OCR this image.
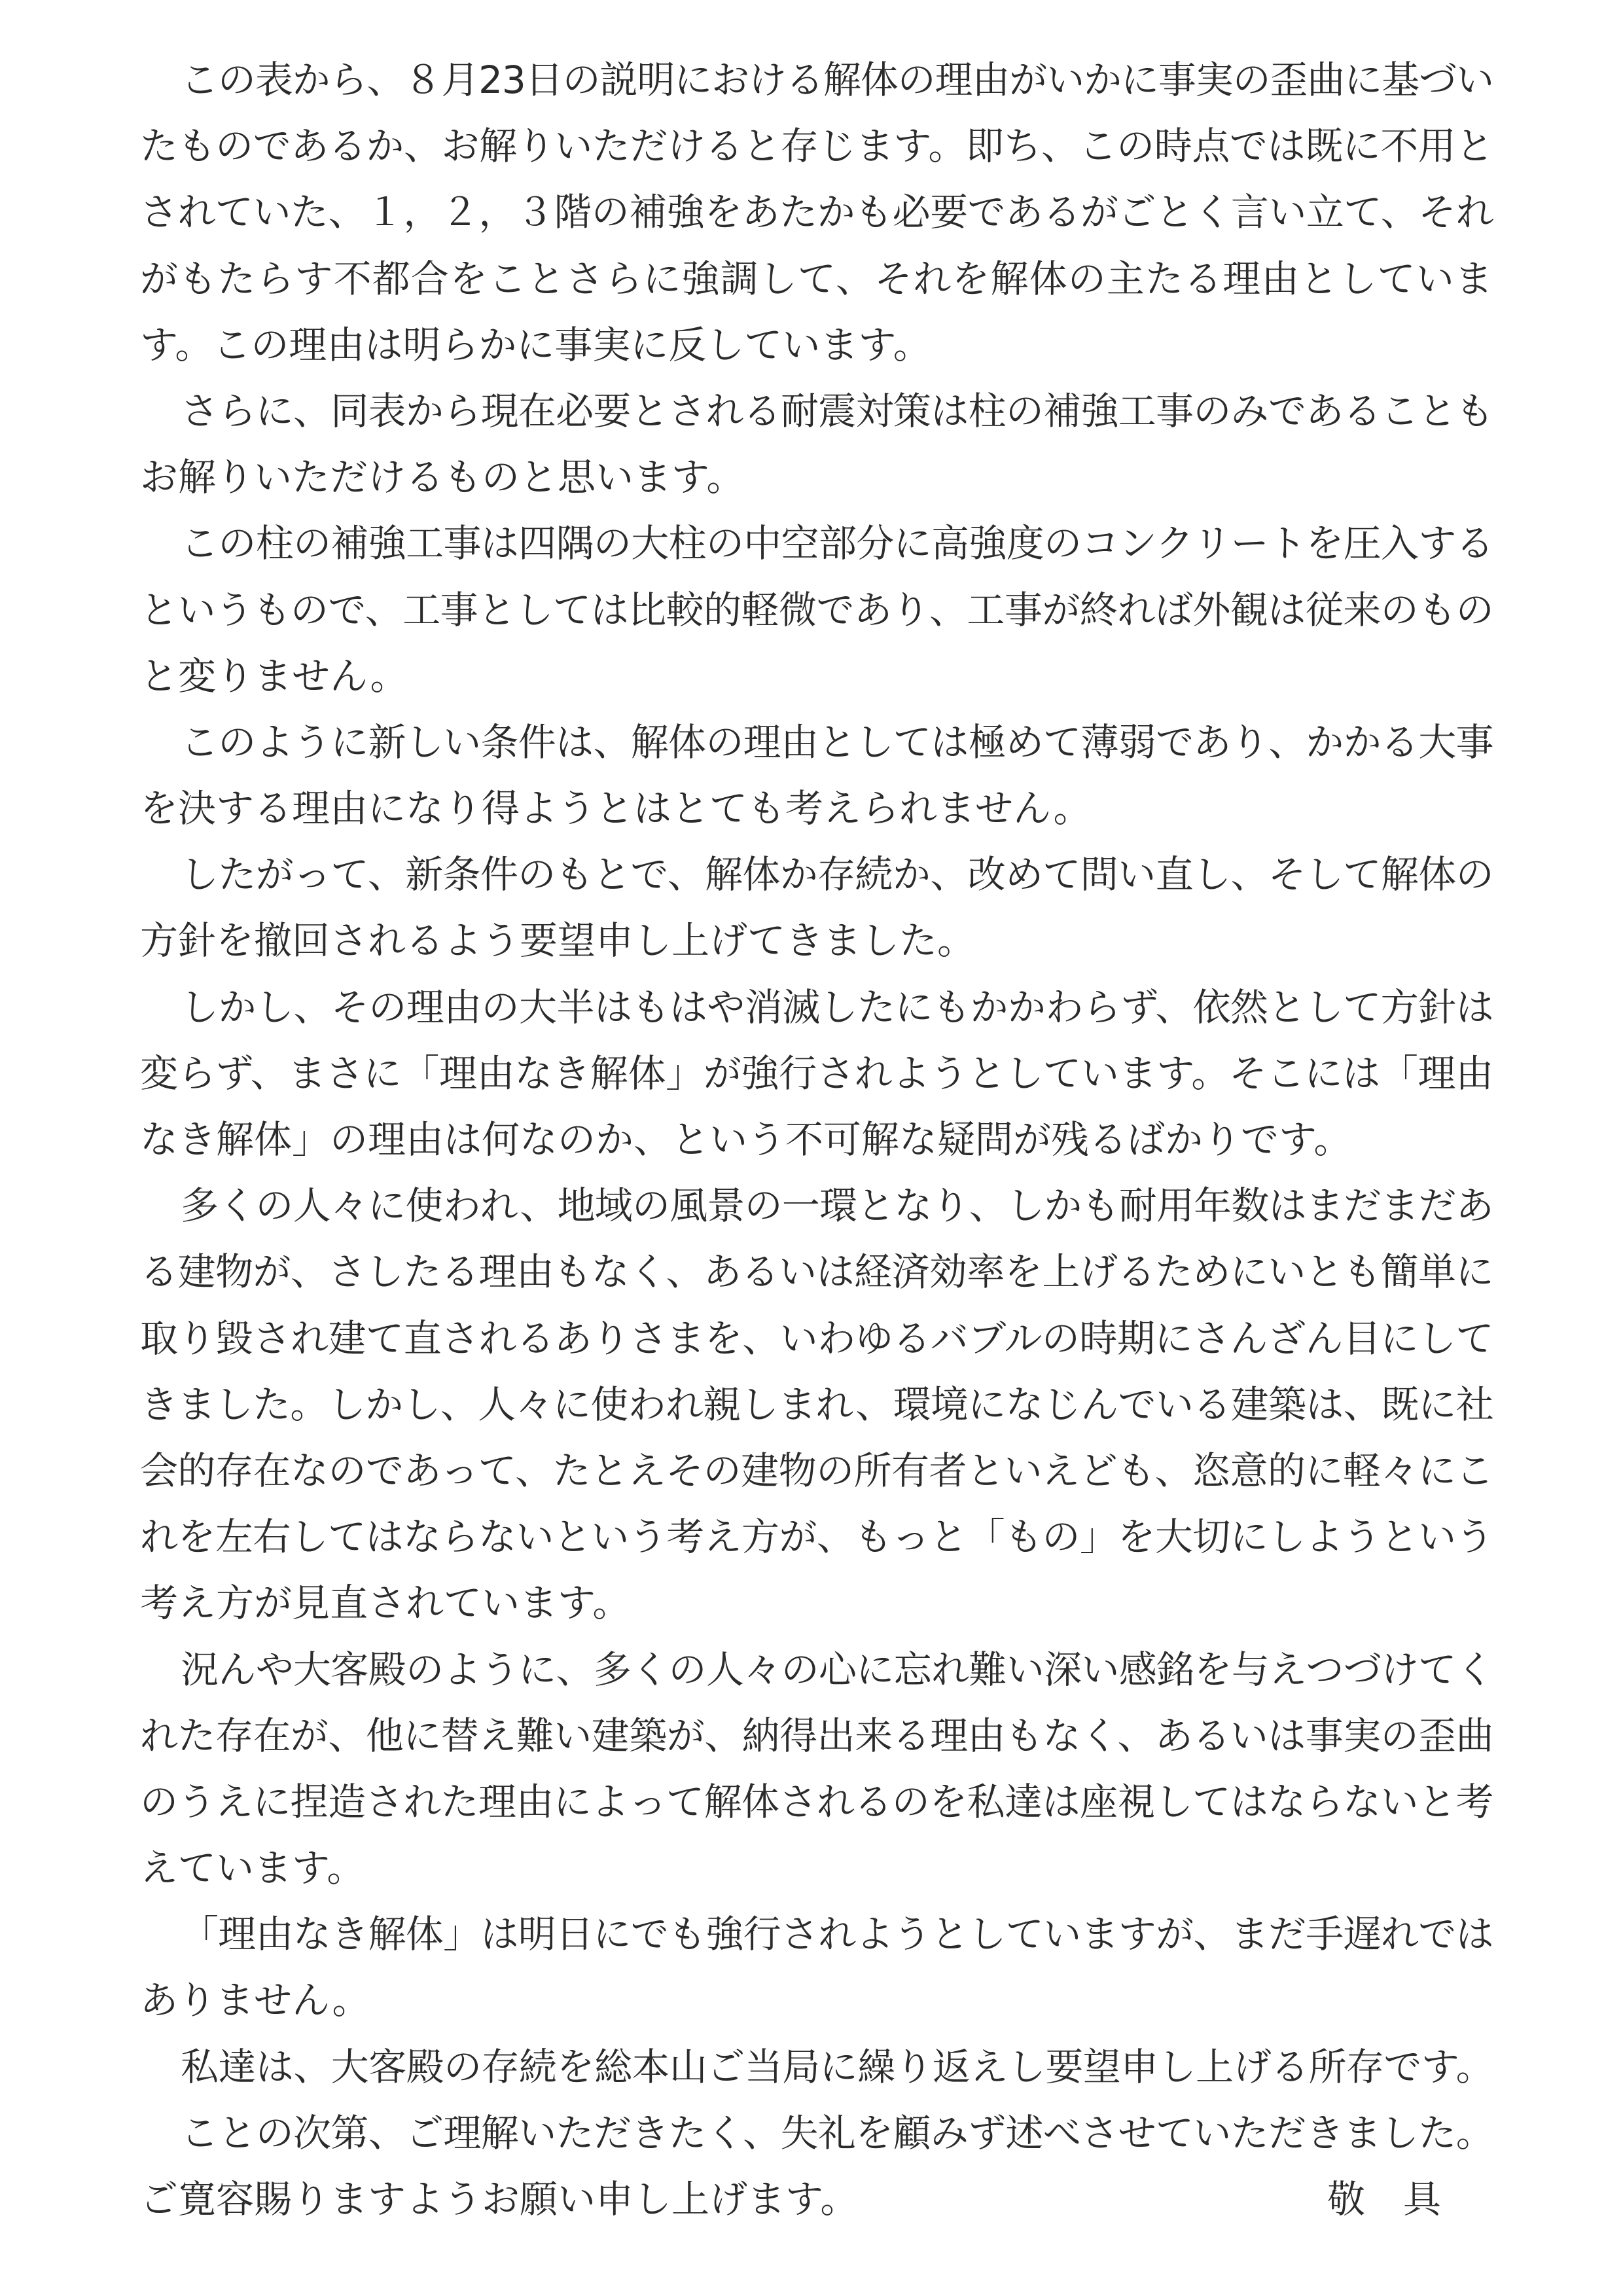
この表から、８月23日の説明における解体の理由がいかに事実の歪曲に基づい
たものであるか、お解りいただけると存じます。即ち、この時点では既に不用と
されていた、１，２，３階の補強をあたかも必要であるがごとく言い立て、それ
がもたらす不都合をことさらに強調して、それを解体の主たる理由としていま
す。この理由は明らかに事実に反しています。
さらに、同表から現在必要とされる耐震対策は柱の補強工事のみであることも
お解りいただけるものと思います。
この柱の補強工事は四隅の大柱の中空部分に高強度のコンクリートを圧入する
というもので、工事としては比較的軽微であり、工事が終れば外観は従来のもの
と変りません。
このように新しい条件は、解体の理由としては極めて薄弱であり、かかる大事
を決する理由になり得ようとはとても考えられません。
したがって、新条件のもとで、解体か存続か、改めて問い直し、そして解体の
方針を撤回されるよう要望申し上げてきました。
しかし、その理由の大半はもはや消滅したにもかかわらず、依然として方針は
変らず、まさに「理由なき解体」が強行されようとしています。そこには「理由
なき解体」の理由は何なのか、という不可解な疑問が残るばかりです。
多くの人々に使われ、地域の風景の一環となり、しかも耐用年数はまだまだあ
る建物が、さしたる理由もなく、あるいは経済効率を上げるためにいとも簡単に
取り毀され建て直されるありさまを、いわゆるバブルの時期にさんざん目にして
きました。しかし、人々に使われ親しまれ、環境になじんでいる建築は、既に社
会的存在なのであって、たとえその建物の所有者といえども、恣意的に軽々にこ
れを左右してはならないという考え方が、もっと「もの」を大切にしようという
考え方が見直されています。
況んや大客殿のように、多くの人々の心に忘れ難い深い感銘を与えつづけてく
れた存在が、他に替え難い建築が、納得出来る理由もなく、あるいは事実の歪曲
のうえに捏造された理由によって解体されるのを私達は座視してはならないと考
えています。
「理由なき解体」は明日にでも強行されようとしていますが、まだ手遅れでは
ありません。
私達は、大客殿の存続を総本山ご当局に繰り返えし要望申し上げる所存です。
ことの次第、ご理解いただきたく、失礼を顧みず述べさせていただきました。
ご寛容賜りますようお願い申し上げます。	敬　具
